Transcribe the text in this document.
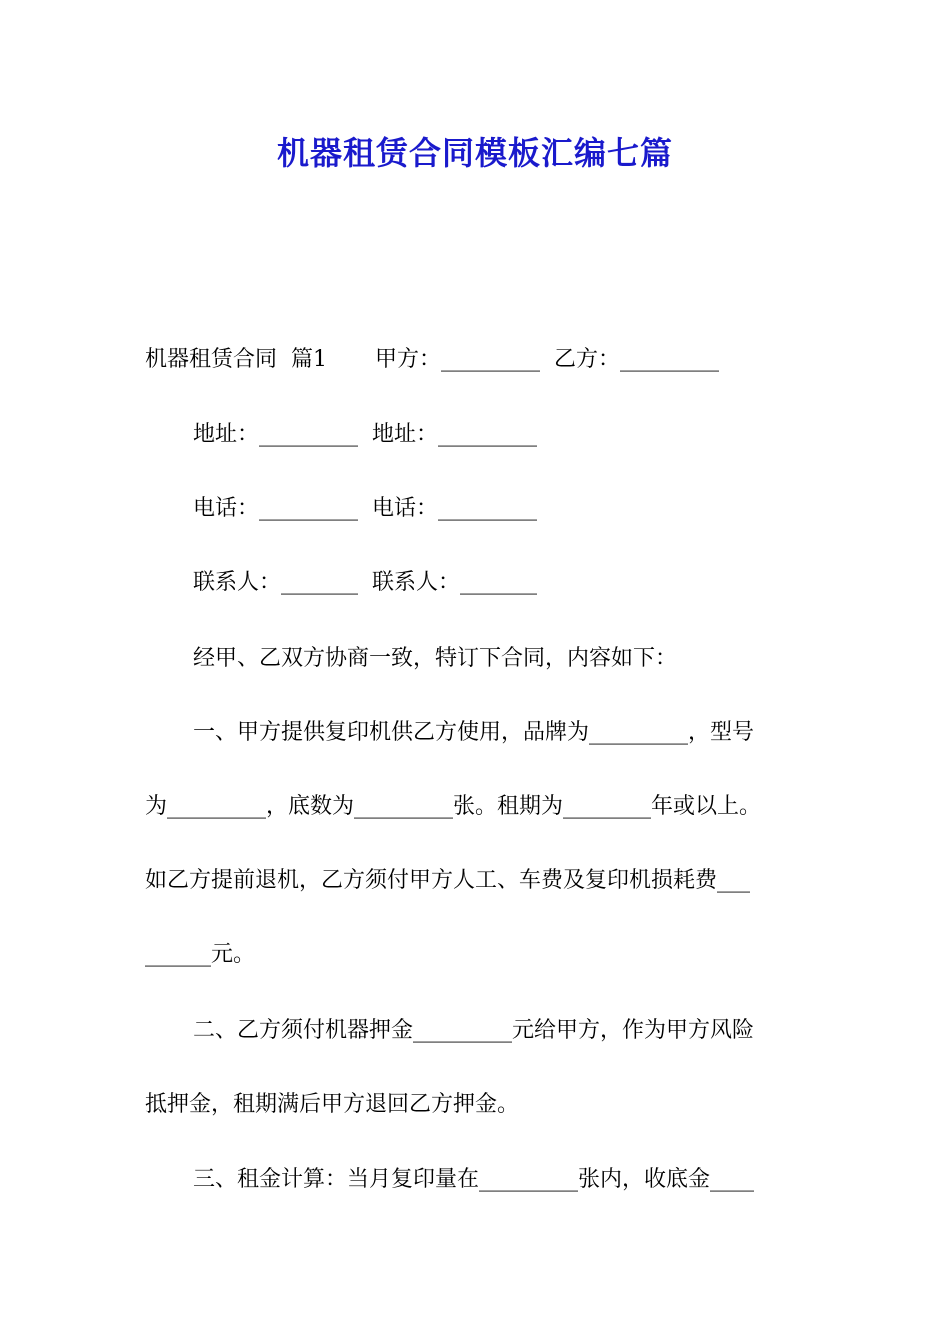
机器租赁合同模板汇编七篇
机器租赁合同  篇1 甲方：_________ 乙方：_________
地址：_________ 地址：_________
电话：_________ 电话：_________
联系人：_______ 联系人：_______
经甲、乙双方协商一致，特订下合同，内容如下：
一、甲方提供复印机供乙方使用，品牌为_________，型号
为_________，底数为_________张。租期为________年或以上。
如乙方提前退机，乙方须付甲方人工、车费及复印机损耗费___
______元。
二、乙方须付机器押金_________元给甲方，作为甲方风险
抵押金，租期满后甲方退回乙方押金。
三、租金计算：当月复印量在_________张内，收底金____
